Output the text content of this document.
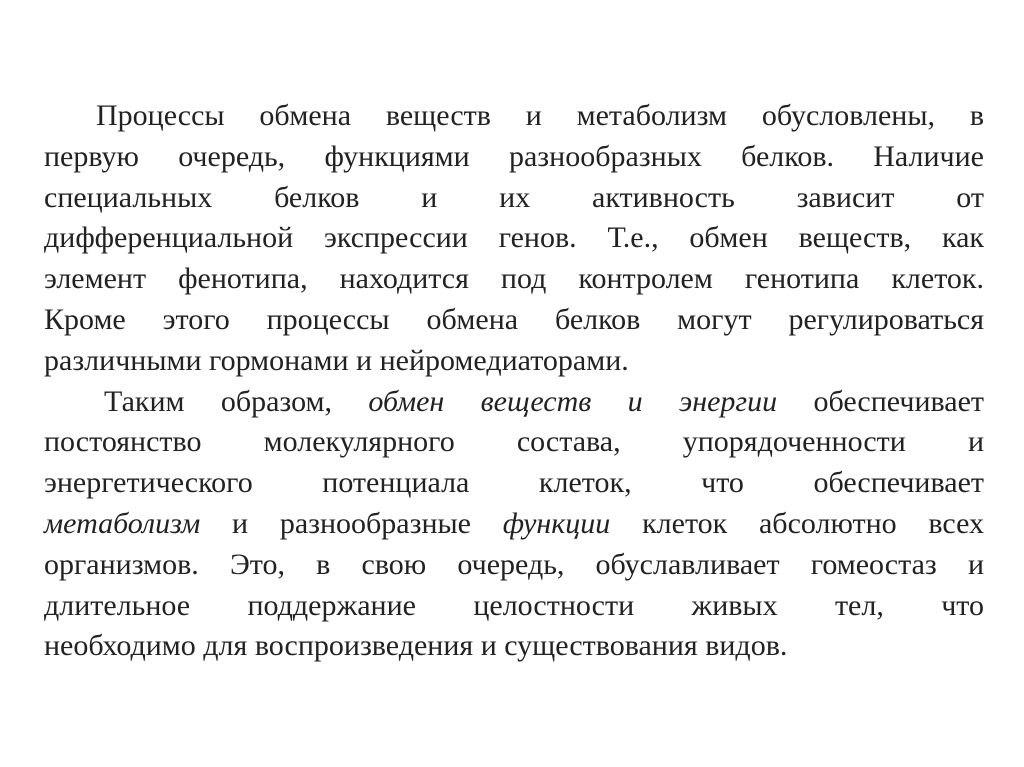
Процессы обмена веществ и метаболизм обусловлены, в
первую очередь, функциями разнообразных белков. Наличие
специальных белков и их активность зависит от
дифференциальной экспрессии генов. Т.е., обмен веществ, как
элемент фенотипа, находится под контролем генотипа клеток.
Кроме этого процессы обмена белков могут регулироваться
различными гормонами и нейромедиаторами.
Таким образом, обмен веществ и энергии обеспечивает
постоянство молекулярного состава, упорядоченности и
энергетического потенциала клеток, что обеспечивает
метаболизм и разнообразные функции клеток абсолютно всех
организмов. Это, в свою очередь, обуславливает гомеостаз и
длительное поддержание целостности живых тел, что
необходимо для воспроизведения и существования видов.
